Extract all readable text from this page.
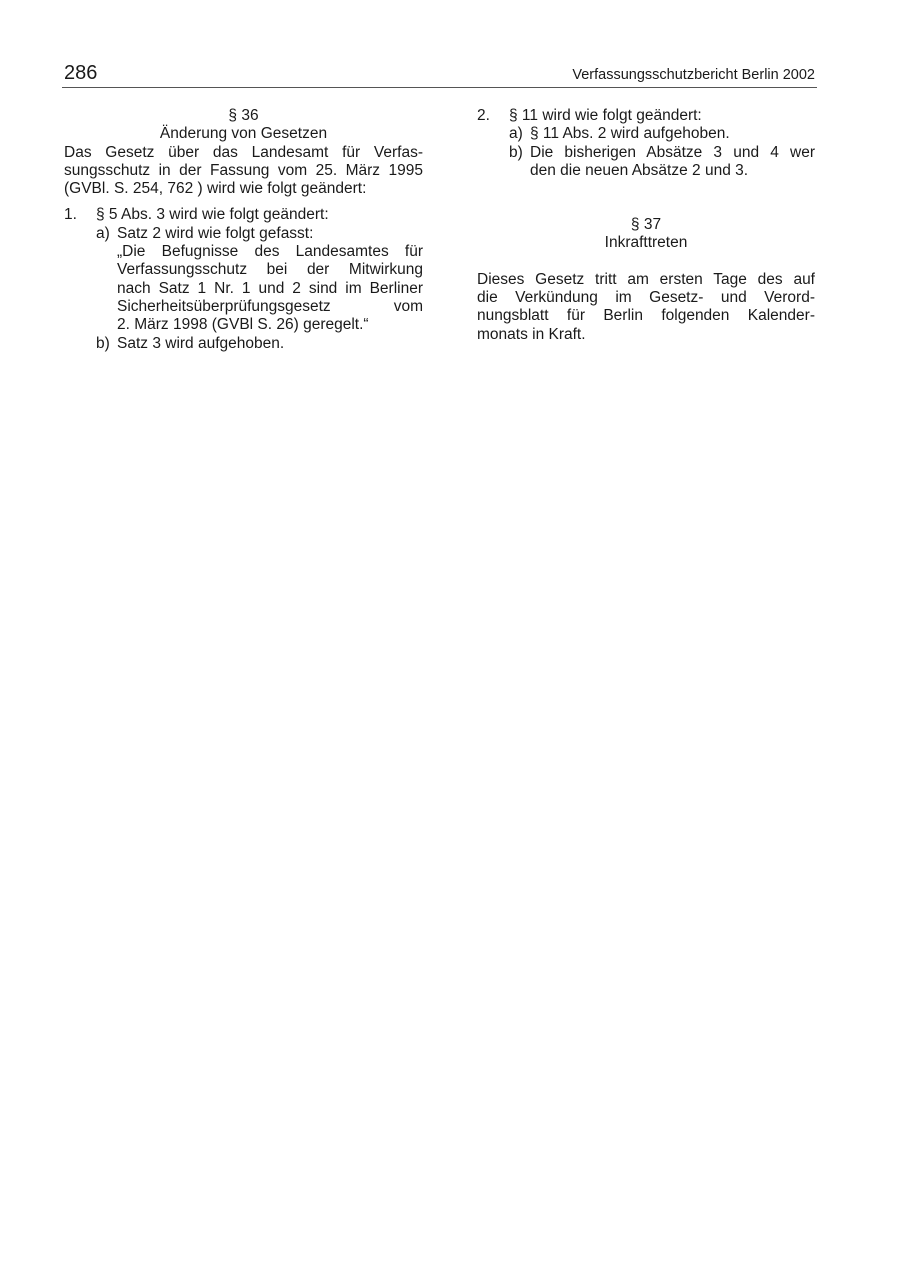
286	Verfassungsschutzbericht Berlin 2002
§ 36
Änderung von Gesetzen
Das Gesetz über das Landesamt für Verfas-
sungsschutz in der Fassung vom 25. März 1995
(GVBl. S. 254, 762 ) wird wie folgt geändert:
1.	§ 5 Abs. 3 wird wie folgt geändert:
a) Satz 2 wird wie folgt gefasst:
„Die Befugnisse des Landesamtes für
Verfassungsschutz bei der Mitwirkung
nach Satz 1 Nr. 1 und 2 sind im Berliner
Sicherheitsüberprüfungsgesetz	vom
2. März 1998 (GVBl S. 26) geregelt.“
b) Satz 3 wird aufgehoben.
2.	§ 11 wird wie folgt geändert:
a) § 11 Abs. 2 wird aufgehoben.
b) Die bisherigen Absätze 3 und 4 wer
den die neuen Absätze 2 und 3.
§ 37
Inkrafttreten
Dieses Gesetz tritt am ersten Tage des auf
die Verkündung im Gesetz- und Verord-
nungsblatt für Berlin folgenden Kalender-
monats in Kraft.
